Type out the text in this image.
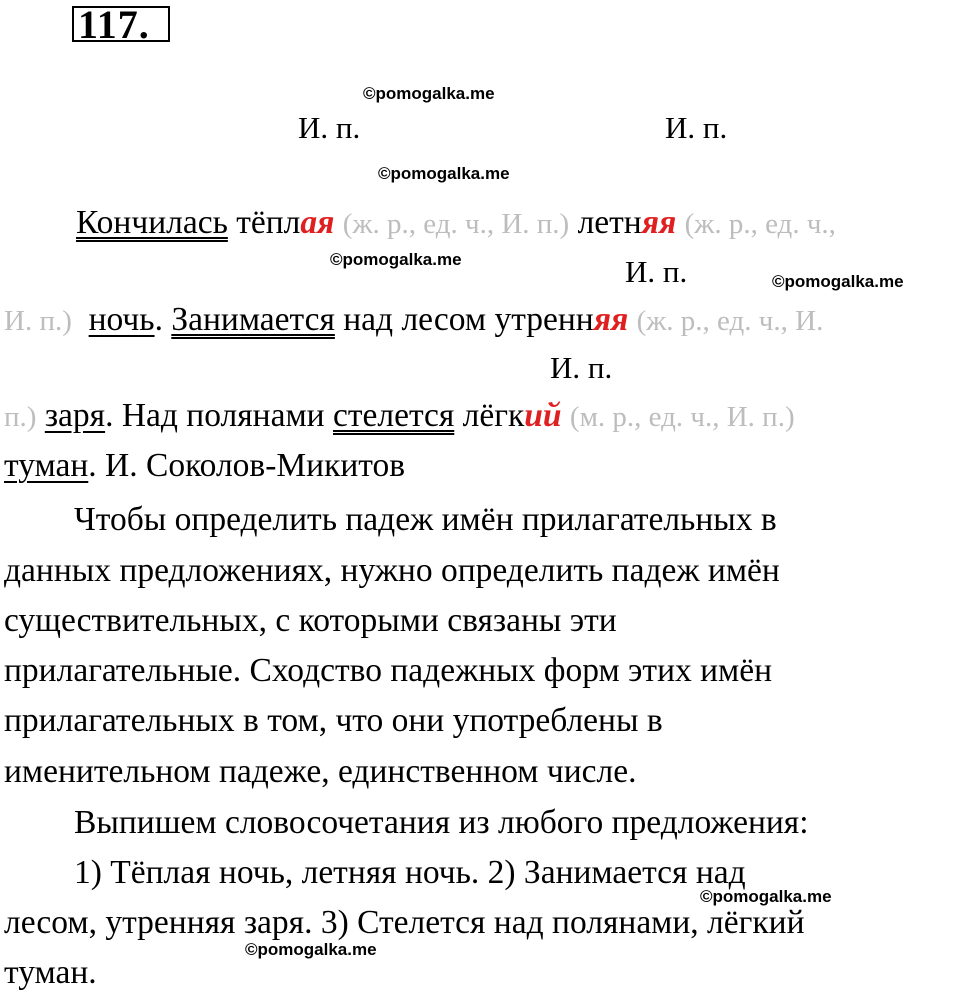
117.
©pomogalka.me
И. п.	И. п.
©pomogalka.me
Кончилась тёплая (ж. р., ед. ч., И. п.) летняя (ж. р., ед. ч.,
©pomogalka.me	И. п.	©pomogalka.me
И. п.) ночь. Занимается над лесом утренняя (ж. р., ед. ч., И.
И. п.
п.) заря. Над полянами стелется лёгкий (м. р., ед. ч., И. п.)
туман. И. Соколов-Микитов
Чтобы определить падеж имён прилагательных в
данных предложениях, нужно определить падеж имён
существительных, с которыми связаны эти
прилагательные. Сходство падежных форм этих имён
прилагательных в том, что они употреблены в
именительном падеже, единственном числе.
Выпишем словосочетания из любого предложения:
1) Тёплая ночь, летняя ночь. 2) Занимается над
©pomogalka.me
лесом, утренняя заря. 3) Стелется над полянами, лёгкий
©pomogalka.me
туман.
